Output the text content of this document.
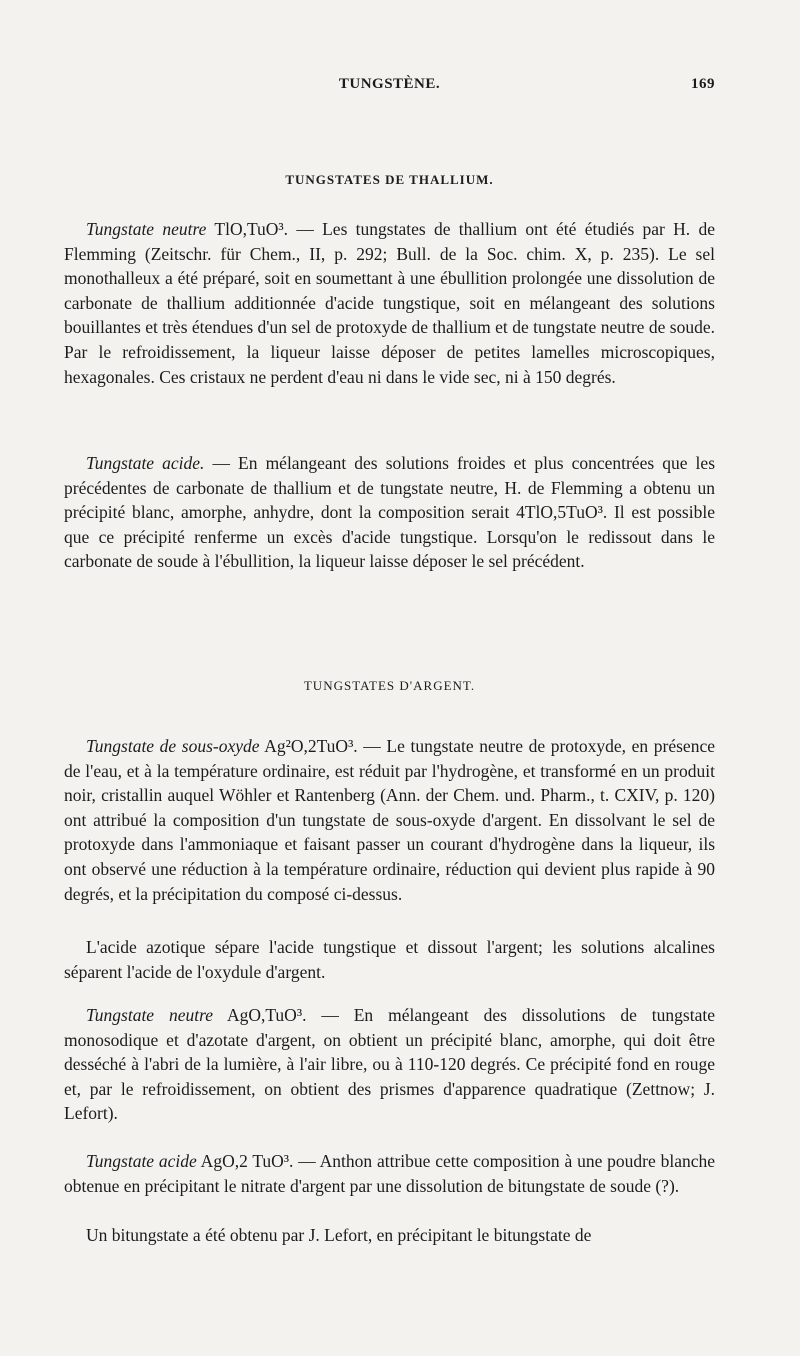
TUNGSTÈNE.	169
TUNGSTATES DE THALLIUM.

Tungstate neutre TlO,TuO³. — Les tungstates de thallium ont été étudiés par H. de Flemming (Zeitschr. für Chem., II, p. 292; Bull. de la Soc. chim. X, p. 235). Le sel monothalleux a été préparé, soit en soumettant à une ébullition prolongée une dissolution de carbonate de thallium additionnée d'acide tungstique, soit en mélangeant des solutions bouillantes et très étendues d'un sel de protoxyde de thallium et de tungstate neutre de soude. Par le refroidissement, la liqueur laisse déposer de petites lamelles microscopiques, hexagonales. Ces cristaux ne perdent d'eau ni dans le vide sec, ni à 150 degrés.

Tungstate acide. — En mélangeant des solutions froides et plus concentrées que les précédentes de carbonate de thallium et de tungstate neutre, H. de Flemming a obtenu un précipité blanc, amorphe, anhydre, dont la composition serait 4TlO,5TuO³. Il est possible que ce précipité renferme un excès d'acide tungstique. Lorsqu'on le redissout dans le carbonate de soude à l'ébullition, la liqueur laisse déposer le sel précédent.

TUNGSTATES D'ARGENT.

Tungstate de sous-oxyde Ag²O,2TuO³. — Le tungstate neutre de protoxyde, en présence de l'eau, et à la température ordinaire, est réduit par l'hydrogène, et transformé en un produit noir, cristallin auquel Wöhler et Rantenberg (Ann. der Chem. und. Pharm., t. CXIV, p. 120) ont attribué la composition d'un tungstate de sous-oxyde d'argent. En dissolvant le sel de protoxyde dans l'ammoniaque et faisant passer un courant d'hydrogène dans la liqueur, ils ont observé une réduction à la température ordinaire, réduction qui devient plus rapide à 90 degrés, et la précipitation du composé ci-dessus.

L'acide azotique sépare l'acide tungstique et dissout l'argent; les solutions alcalines séparent l'acide de l'oxydule d'argent.

Tungstate neutre AgO,TuO³. — En mélangeant des dissolutions de tungstate monosodique et d'azotate d'argent, on obtient un précipité blanc, amorphe, qui doit être desséché à l'abri de la lumière, à l'air libre, ou à 110-120 degrés. Ce précipité fond en rouge et, par le refroidissement, on obtient des prismes d'apparence quadratique (Zettnow; J. Lefort).

Tungstate acide AgO,2 TuO³. — Anthon attribue cette composition à une poudre blanche obtenue en précipitant le nitrate d'argent par une dissolution de bitungstate de soude (?).

Un bitungstate a été obtenu par J. Lefort, en précipitant le bitungstate de
